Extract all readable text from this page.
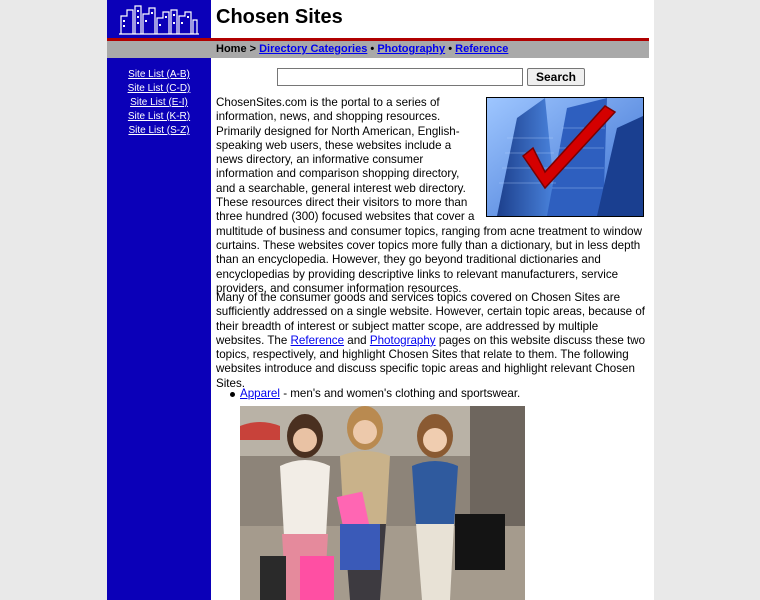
Chosen Sites
Home > Directory Categories • Photography • Reference
Site List (A-B)
Site List (C-D)
Site List (E-I)
Site List (K-R)
Site List (S-Z)
Search

ChosenSites.com is the portal to a series of information, news, and shopping resources. Primarily designed for North American, English-speaking web users, these websites include a news directory, an informative consumer information and comparison shopping directory, and a searchable, general interest web directory. These resources direct their visitors to more than three hundred (300) focused websites that cover a multitude of business and consumer topics, ranging from acne treatment to window curtains. These websites cover topics more fully than a dictionary, but in less depth than an encyclopedia. However, they go beyond traditional dictionaries and encyclopedias by providing descriptive links to relevant manufacturers, service providers, and consumer information resources.

Many of the consumer goods and services topics covered on Chosen Sites are sufficiently addressed on a single website. However, certain topic areas, because of their breadth of interest or subject matter scope, are addressed by multiple websites. The Reference and Photography pages on this website discuss these two topics, respectively, and highlight Chosen Sites that relate to them. The following websites introduce and discuss specific topic areas and highlight relevant Chosen Sites.

Apparel - men's and women's clothing and sportswear.
